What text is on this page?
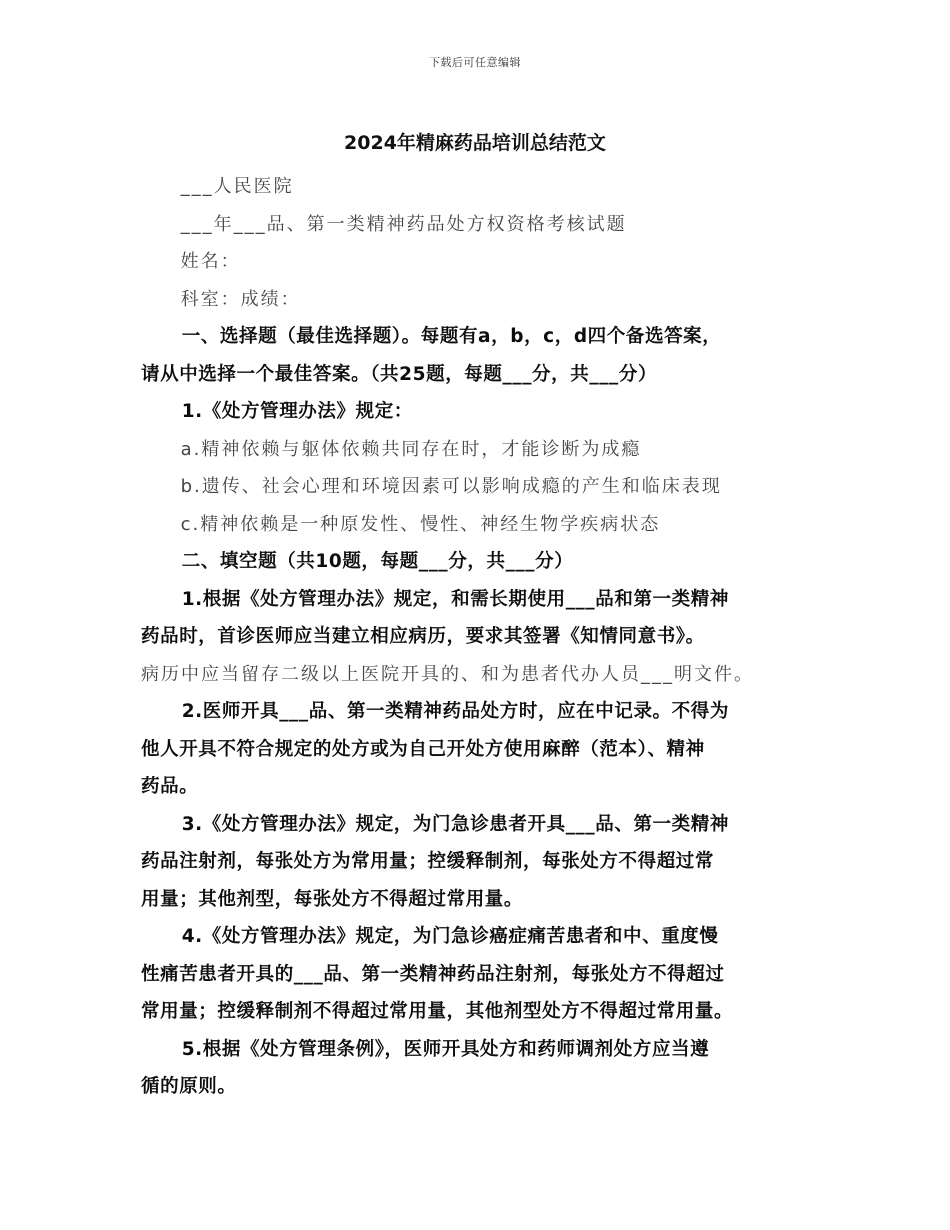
下载后可任意编辑
2024年精麻药品培训总结范文

___人民医院

___年___品、第一类精神药品处方权资格考核试题

姓名：

科室：成绩：

一、选择题（最佳选择题）。每题有a，b，c，d四个备选答案，

请从中选择一个最佳答案。（共25题，每题___分，共___分）

1.《处方管理办法》规定：

a.精神依赖与躯体依赖共同存在时，才能诊断为成瘾

b.遗传、社会心理和环境因素可以影响成瘾的产生和临床表现

c.精神依赖是一种原发性、慢性、神经生物学疾病状态

二、填空题（共10题，每题___分，共___分）

1.根据《处方管理办法》规定，和需长期使用___品和第一类精神

药品时，首诊医师应当建立相应病历，要求其签署《知情同意书》。

病历中应当留存二级以上医院开具的、和为患者代办人员___明文件。

2.医师开具___品、第一类精神药品处方时，应在中记录。不得为

他人开具不符合规定的处方或为自己开处方使用麻醉（范本）、精神

药品。

3.《处方管理办法》规定，为门急诊患者开具___品、第一类精神

药品注射剂，每张处方为常用量；控缓释制剂，每张处方不得超过常

用量；其他剂型，每张处方不得超过常用量。

4.《处方管理办法》规定，为门急诊癌症痛苦患者和中、重度慢

性痛苦患者开具的___品、第一类精神药品注射剂，每张处方不得超过

常用量；控缓释制剂不得超过常用量，其他剂型处方不得超过常用量。

5.根据《处方管理条例》，医师开具处方和药师调剂处方应当遵

循的原则。
